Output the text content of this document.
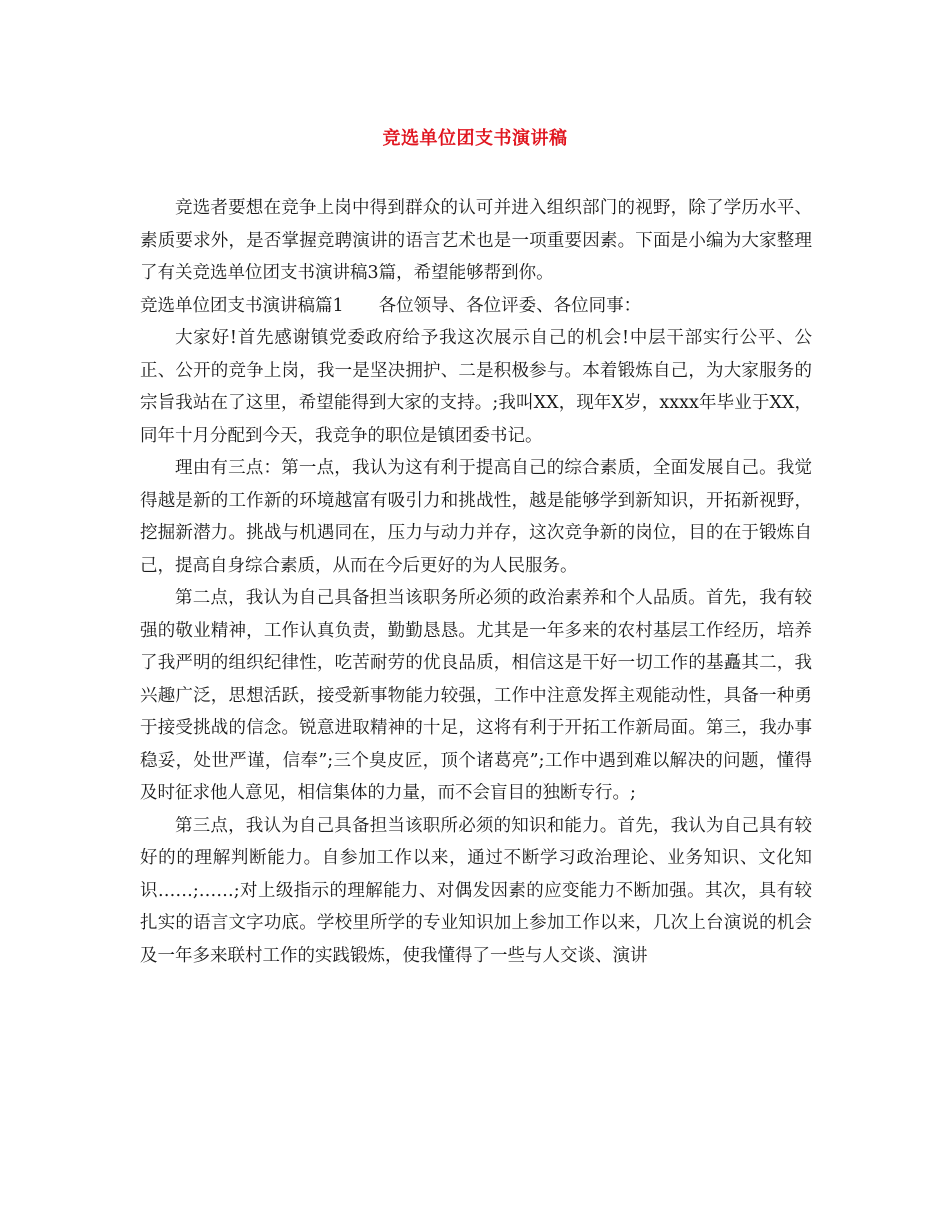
竞选单位团支书演讲稿

竞选者要想在竞争上岗中得到群众的认可并进入组织部门的视野，除了学历水平、素质要求外，是否掌握竞聘演讲的语言艺术也是一项重要因素。下面是小编为大家整理了有关竞选单位团支书演讲稿3篇，希望能够帮到你。

竞选单位团支书演讲稿篇1　　各位领导、各位评委、各位同事：

大家好!首先感谢镇党委政府给予我这次展示自己的机会!中层干部实行公平、公正、公开的竞争上岗，我一是坚决拥护、二是积极参与。本着锻炼自己，为大家服务的宗旨我站在了这里，希望能得到大家的支持。;我叫XX，现年X岁，xxxx年毕业于XX，同年十月分配到今天，我竞争的职位是镇团委书记。

理由有三点：第一点，我认为这有利于提高自己的综合素质，全面发展自己。我觉得越是新的工作新的环境越富有吸引力和挑战性，越是能够学到新知识，开拓新视野，挖掘新潜力。挑战与机遇同在，压力与动力并存，这次竞争新的岗位，目的在于锻炼自己，提高自身综合素质，从而在今后更好的为人民服务。

第二点，我认为自己具备担当该职务所必须的政治素养和个人品质。首先，我有较强的敬业精神，工作认真负责，勤勤恳恳。尤其是一年多来的农村基层工作经历，培养了我严明的组织纪律性，吃苦耐劳的优良品质，相信这是干好一切工作的基矗其二，我兴趣广泛，思想活跃，接受新事物能力较强，工作中注意发挥主观能动性，具备一种勇于接受挑战的信念。锐意进取精神的十足，这将有利于开拓工作新局面。第三，我办事稳妥，处世严谨，信奉”;三个臭皮匠，顶个诸葛亮”;工作中遇到难以解决的问题，懂得及时征求他人意见，相信集体的力量，而不会盲目的独断专行。;

第三点，我认为自己具备担当该职所必须的知识和能力。首先，我认为自己具有较好的的理解判断能力。自参加工作以来，通过不断学习政治理论、业务知识、文化知识……;……;对上级指示的理解能力、对偶发因素的应变能力不断加强。其次，具有较扎实的语言文字功底。学校里所学的专业知识加上参加工作以来，几次上台演说的机会及一年多来联村工作的实践锻炼，使我懂得了一些与人交谈、演讲
